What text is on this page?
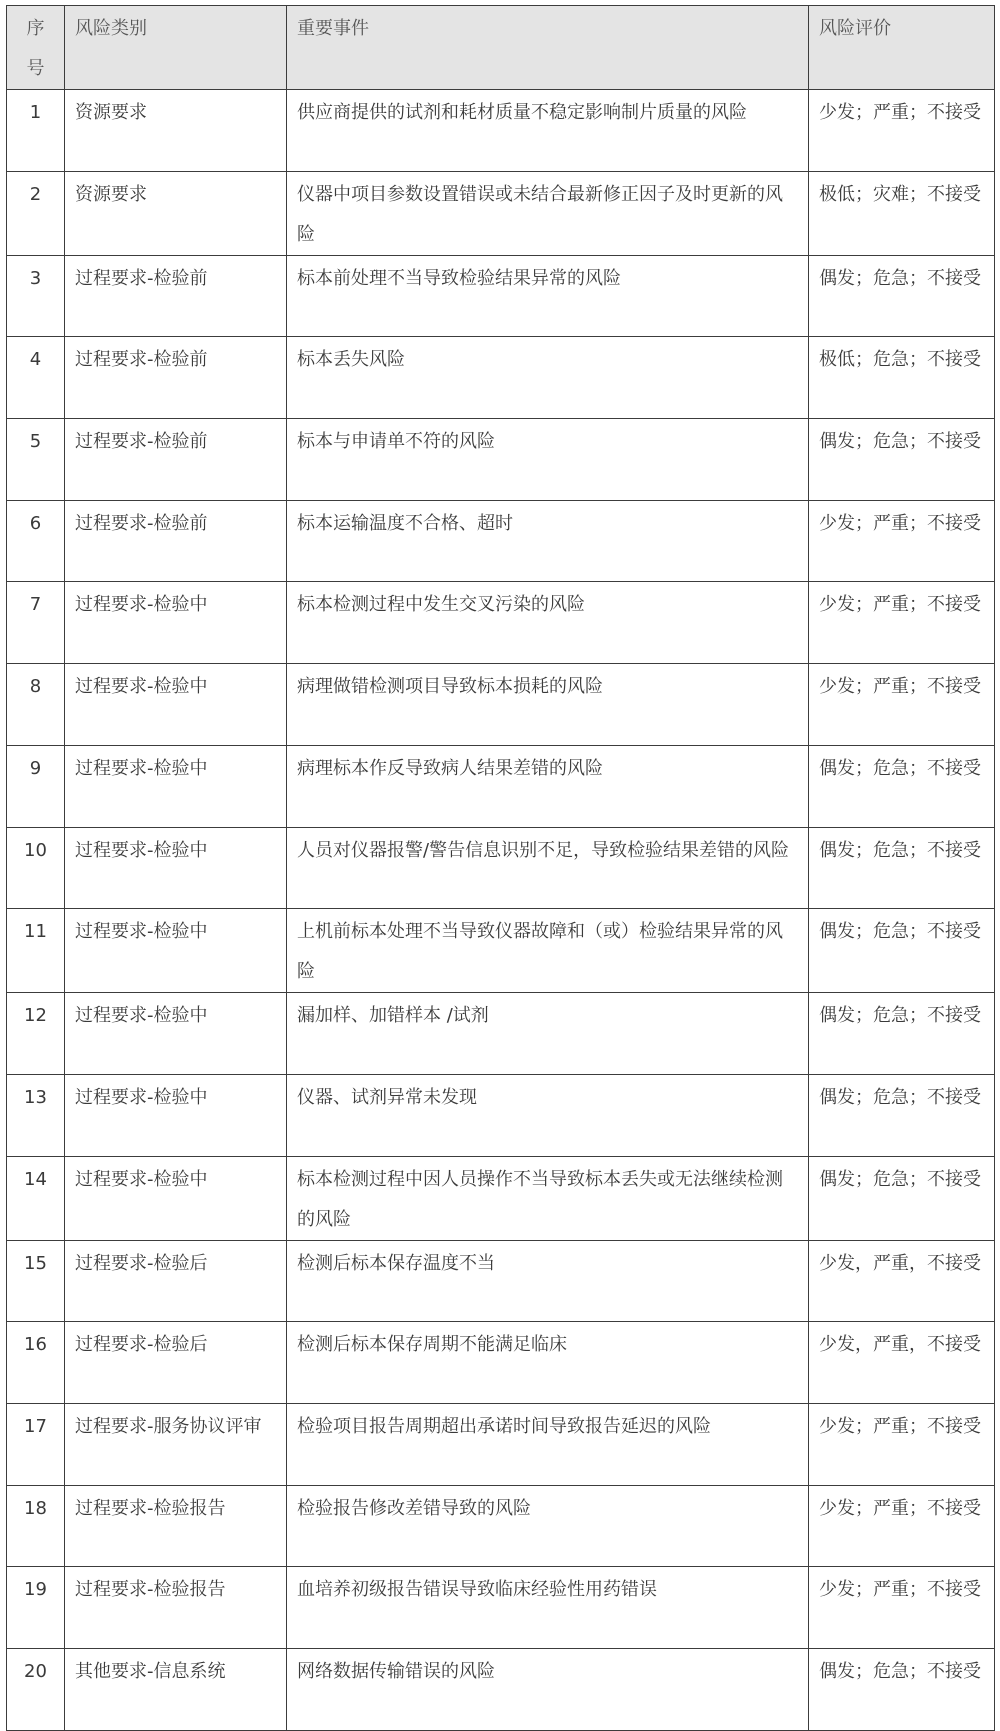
序
号	风险类别	重要事件	风险评价
1	资源要求	供应商提供的试剂和耗材质量不稳定影响制片质量的风险	少发；严重；不接受
2	资源要求	仪器中项目参数设置错误或未结合最新修正因子及时更新的风险	极低；灾难；不接受
3	过程要求-检验前	标本前处理不当导致检验结果异常的风险	偶发；危急；不接受
4	过程要求-检验前	标本丢失风险	极低；危急；不接受
5	过程要求-检验前	标本与申请单不符的风险	偶发；危急；不接受
6	过程要求-检验前	标本运输温度不合格、超时	少发；严重；不接受
7	过程要求-检验中	标本检测过程中发生交叉污染的风险	少发；严重；不接受
8	过程要求-检验中	病理做错检测项目导致标本损耗的风险	少发；严重；不接受
9	过程要求-检验中	病理标本作反导致病人结果差错的风险	偶发；危急；不接受
10	过程要求-检验中	人员对仪器报警/警告信息识别不足，导致检验结果差错的风险	偶发；危急；不接受
11	过程要求-检验中	上机前标本处理不当导致仪器故障和（或）检验结果异常的风险	偶发；危急；不接受
12	过程要求-检验中	漏加样、加错样本 /试剂	偶发；危急；不接受
13	过程要求-检验中	仪器、试剂异常未发现	偶发；危急；不接受
14	过程要求-检验中	标本检测过程中因人员操作不当导致标本丢失或无法继续检测的风险	偶发；危急；不接受
15	过程要求-检验后	检测后标本保存温度不当	少发，严重，不接受
16	过程要求-检验后	检测后标本保存周期不能满足临床	少发，严重，不接受
17	过程要求-服务协议评审	检验项目报告周期超出承诺时间导致报告延迟的风险	少发；严重；不接受
18	过程要求-检验报告	检验报告修改差错导致的风险	少发；严重；不接受
19	过程要求-检验报告	血培养初级报告错误导致临床经验性用药错误	少发；严重；不接受
20	其他要求-信息系统	网络数据传输错误的风险	偶发；危急；不接受
